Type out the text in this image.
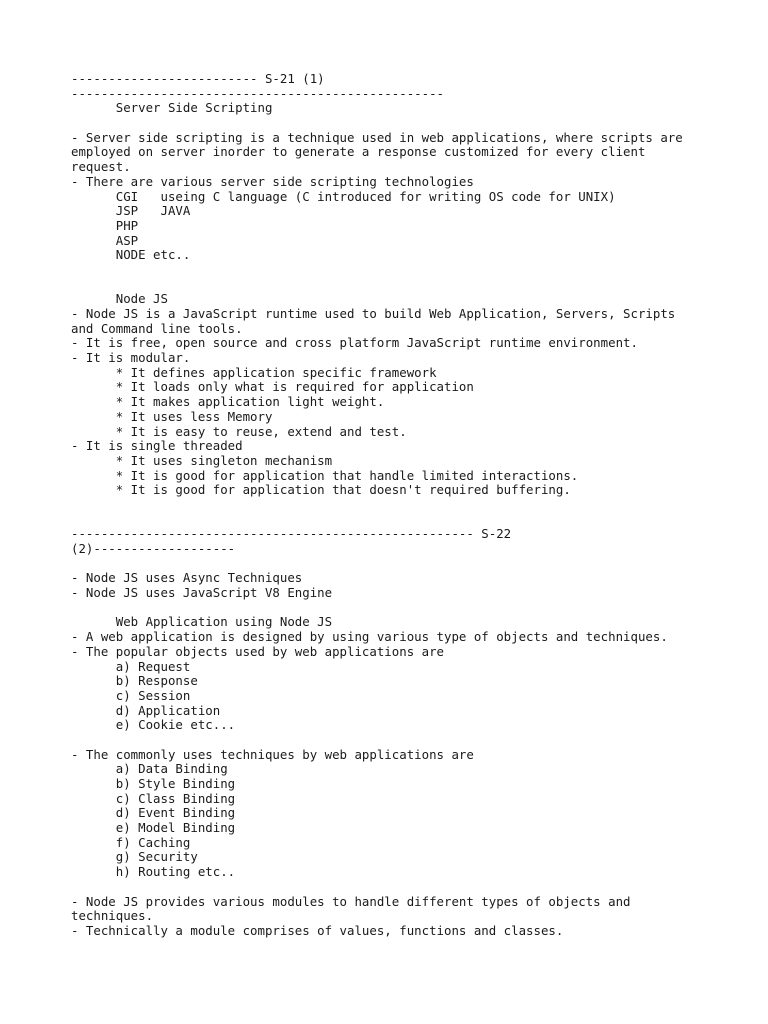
------------------------- S-21 (1)
--------------------------------------------------
Server Side Scripting
- Server side scripting is a technique used in web applications, where scripts are
employed on server inorder to generate a response customized for every client
request.
- There are various server side scripting technologies
CGI   useing C language (C introduced for writing OS code for UNIX)
JSP   JAVA
PHP
ASP
NODE etc..
Node JS
- Node JS is a JavaScript runtime used to build Web Application, Servers, Scripts
and Command line tools.
- It is free, open source and cross platform JavaScript runtime environment.
- It is modular.
* It defines application specific framework
* It loads only what is required for application
* It makes application light weight.
* It uses less Memory
* It is easy to reuse, extend and test.
- It is single threaded
* It uses singleton mechanism
* It is good for application that handle limited interactions.
* It is good for application that doesn't required buffering.
------------------------------------------------------ S-22
(2)-------------------
- Node JS uses Async Techniques
- Node JS uses JavaScript V8 Engine
Web Application using Node JS
- A web application is designed by using various type of objects and techniques.
- The popular objects used by web applications are
a) Request
b) Response
c) Session
d) Application
e) Cookie etc...
- The commonly uses techniques by web applications are
a) Data Binding
b) Style Binding
c) Class Binding
d) Event Binding
e) Model Binding
f) Caching
g) Security
h) Routing etc..
- Node JS provides various modules to handle different types of objects and
techniques.
- Technically a module comprises of values, functions and classes.
